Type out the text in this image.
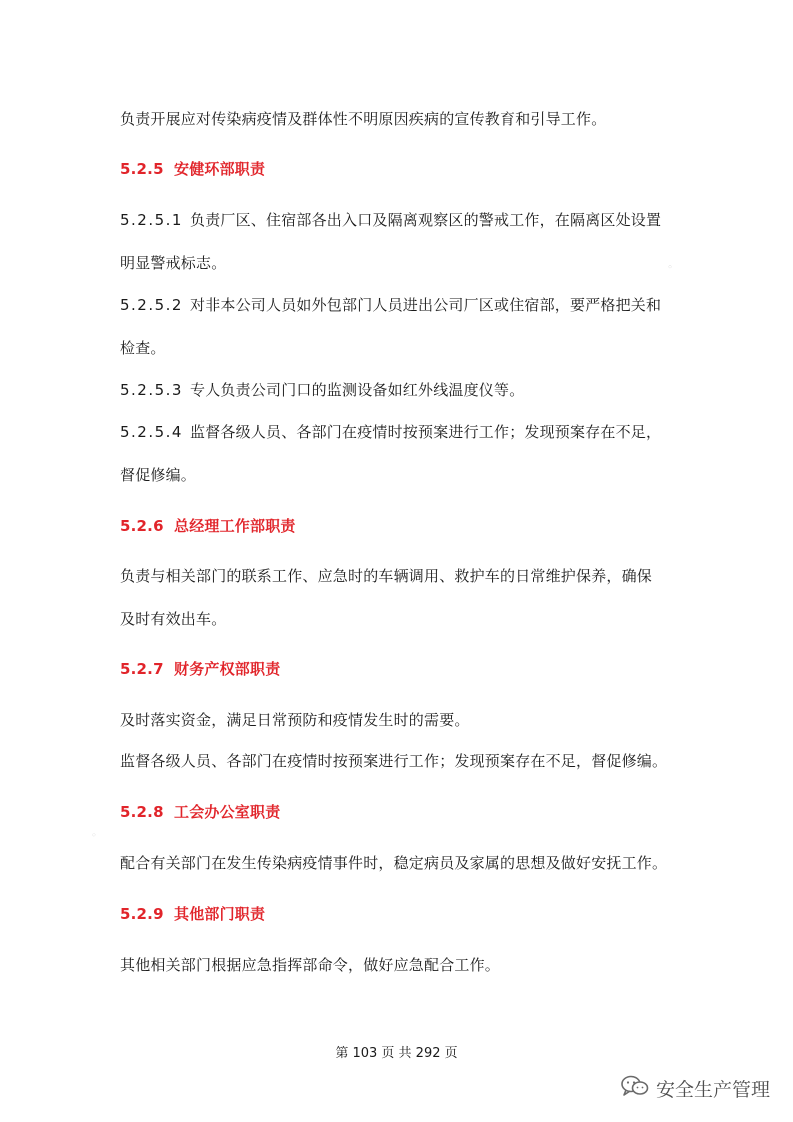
负责开展应对传染病疫情及群体性不明原因疾病的宣传教育和引导工作。
5.2.5 安健环部职责
5.2.5.1 负责厂区、住宿部各出入口及隔离观察区的警戒工作，在隔离区处设置
明显警戒标志。
5.2.5.2 对非本公司人员如外包部门人员进出公司厂区或住宿部，要严格把关和
检查。
5.2.5.3 专人负责公司门口的监测设备如红外线温度仪等。
5.2.5.4 监督各级人员、各部门在疫情时按预案进行工作；发现预案存在不足，
督促修编。
5.2.6 总经理工作部职责
负责与相关部门的联系工作、应急时的车辆调用、救护车的日常维护保养，确保
及时有效出车。
5.2.7 财务产权部职责
及时落实资金，满足日常预防和疫情发生时的需要。
监督各级人员、各部门在疫情时按预案进行工作；发现预案存在不足，督促修编。
5.2.8 工会办公室职责
配合有关部门在发生传染病疫情事件时，稳定病员及家属的思想及做好安抚工作。
5.2.9 其他部门职责
其他相关部门根据应急指挥部命令，做好应急配合工作。
◦
◦
第 103 页 共 292 页
安全生产管理
